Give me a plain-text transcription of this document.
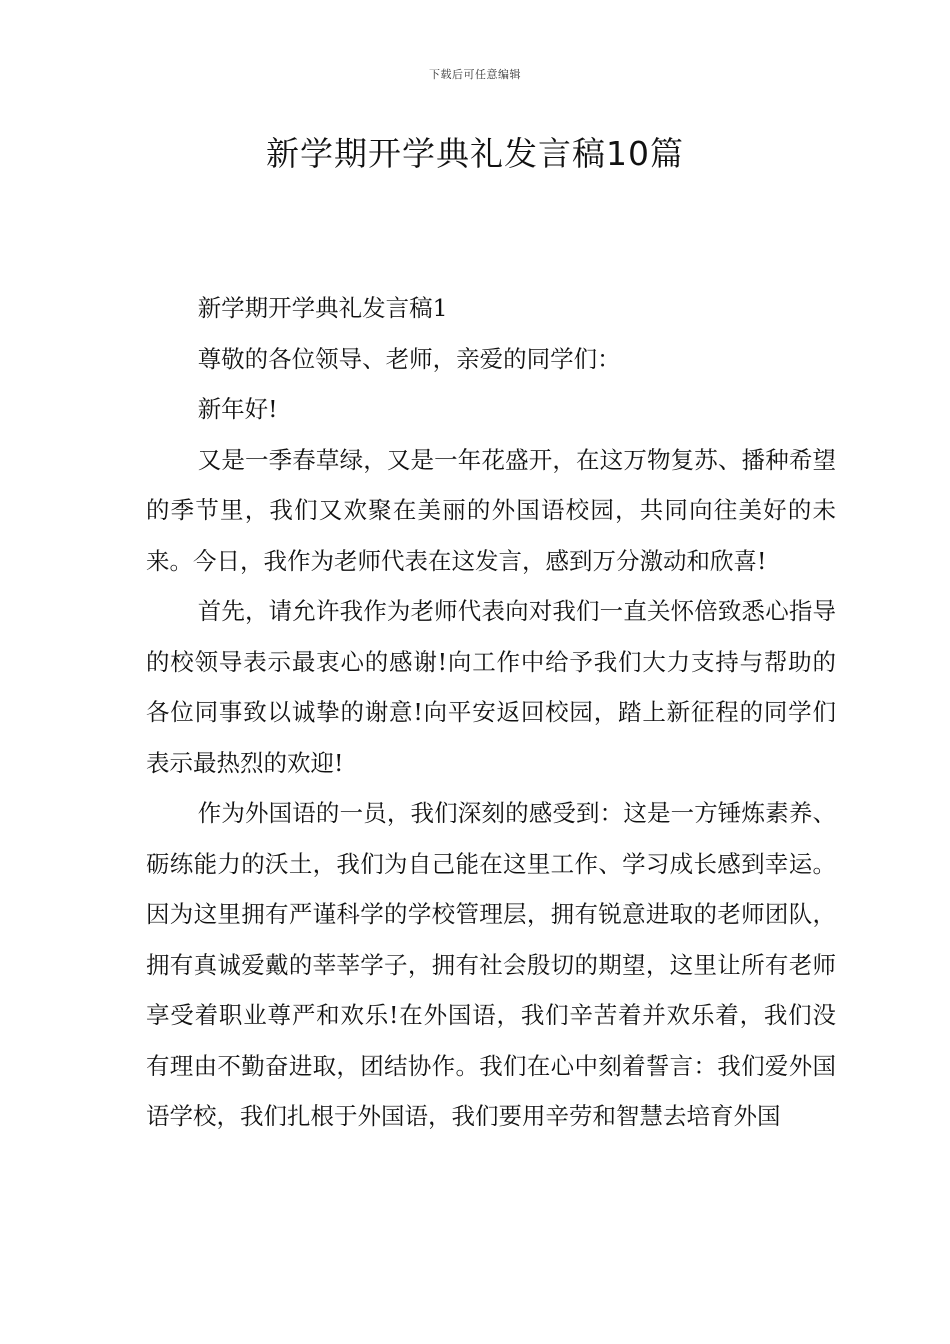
下载后可任意编辑
新学期开学典礼发言稿10篇

新学期开学典礼发言稿1

尊敬的各位领导、老师，亲爱的同学们：

新年好!

又是一季春草绿，又是一年花盛开，在这万物复苏、播种希望的季节里，我们又欢聚在美丽的外国语校园，共同向往美好的未来。今日，我作为老师代表在这发言，感到万分激动和欣喜!

首先，请允许我作为老师代表向对我们一直关怀倍致悉心指导的校领导表示最衷心的感谢!向工作中给予我们大力支持与帮助的各位同事致以诚挚的谢意!向平安返回校园，踏上新征程的同学们表示最热烈的欢迎!

作为外国语的一员，我们深刻的感受到：这是一方锤炼素养、砺练能力的沃土，我们为自己能在这里工作、学习成长感到幸运。因为这里拥有严谨科学的学校管理层，拥有锐意进取的老师团队，拥有真诚爱戴的莘莘学子，拥有社会殷切的期望，这里让所有老师享受着职业尊严和欢乐!在外国语，我们辛苦着并欢乐着，我们没有理由不勤奋进取，团结协作。我们在心中刻着誓言：我们爱外国语学校，我们扎根于外国语，我们要用辛劳和智慧去培育外国
